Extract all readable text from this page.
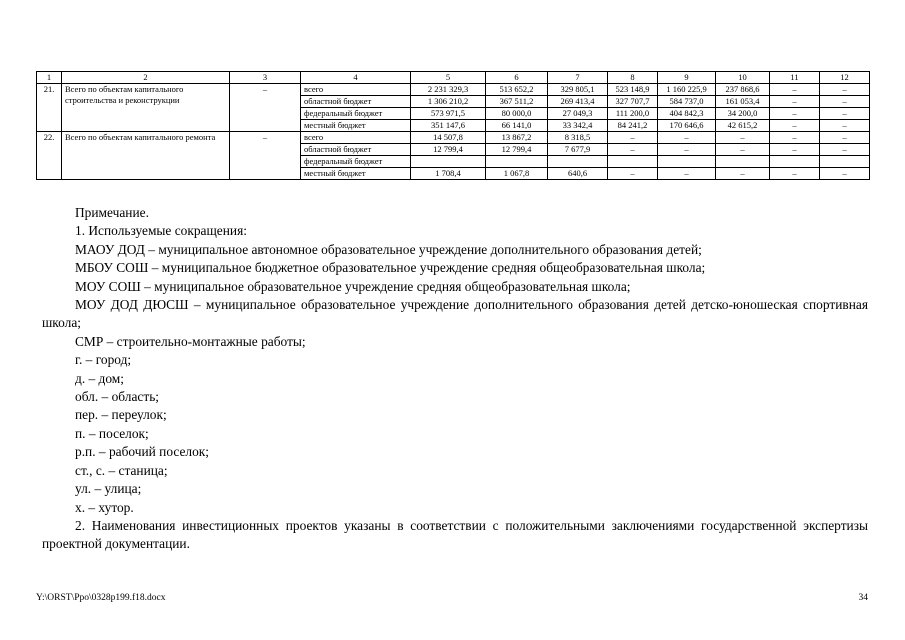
1	2	3	4	5	6	7	8	9	10	11	12
21.	Всего по объектам капитального строительства и реконструкции	–	всего	2 231 329,3	513 652,2	329 805,1	523 148,9	1 160 225,9	237 868,6	–	–
			областной бюджет	1 306 210,2	367 511,2	269 413,4	327 707,7	584 737,0	161 053,4	–	–
			федеральный бюджет	573 971,5	80 000,0	27 049,3	111 200,0	404 842,3	34 200,0	–	–
			местный бюджет	351 147,6	66 141,0	33 342,4	84 241,2	170 646,6	42 615,2	–	–
22.	Всего по объектам капитального ремонта	–	всего	14 507,8	13 867,2	8 318,5	–	–	–	–	–
			областной бюджет	12 799,4	12 799,4	7 677,9	–	–	–	–	–
			федеральный бюджет								
			местный бюджет	1 708,4	1 067,8	640,6	–	–	–	–	–

Примечание.

1. Используемые сокращения:

МАОУ ДОД – муниципальное автономное образовательное учреждение дополнительного образования детей;

МБОУ СОШ – муниципальное бюджетное образовательное учреждение средняя общеобразовательная школа;

МОУ СОШ – муниципальное образовательное учреждение средняя общеобразовательная школа;

МОУ ДОД ДЮСШ – муниципальное образовательное учреждение дополнительного образования детей детско-юношеская спортивная школа;

СМР – строительно-монтажные работы;

г. – город;

д. – дом;

обл. – область;

пер. – переулок;

п. – поселок;

р.п. – рабочий поселок;

ст., с. – станица;

ул. – улица;

х. – хутор.

2. Наименования инвестиционных проектов указаны в соответствии с положительными заключениями государственной экспертизы проектной документации.

Y:\ORST\Ppo\0328p199.f18.docx	34
